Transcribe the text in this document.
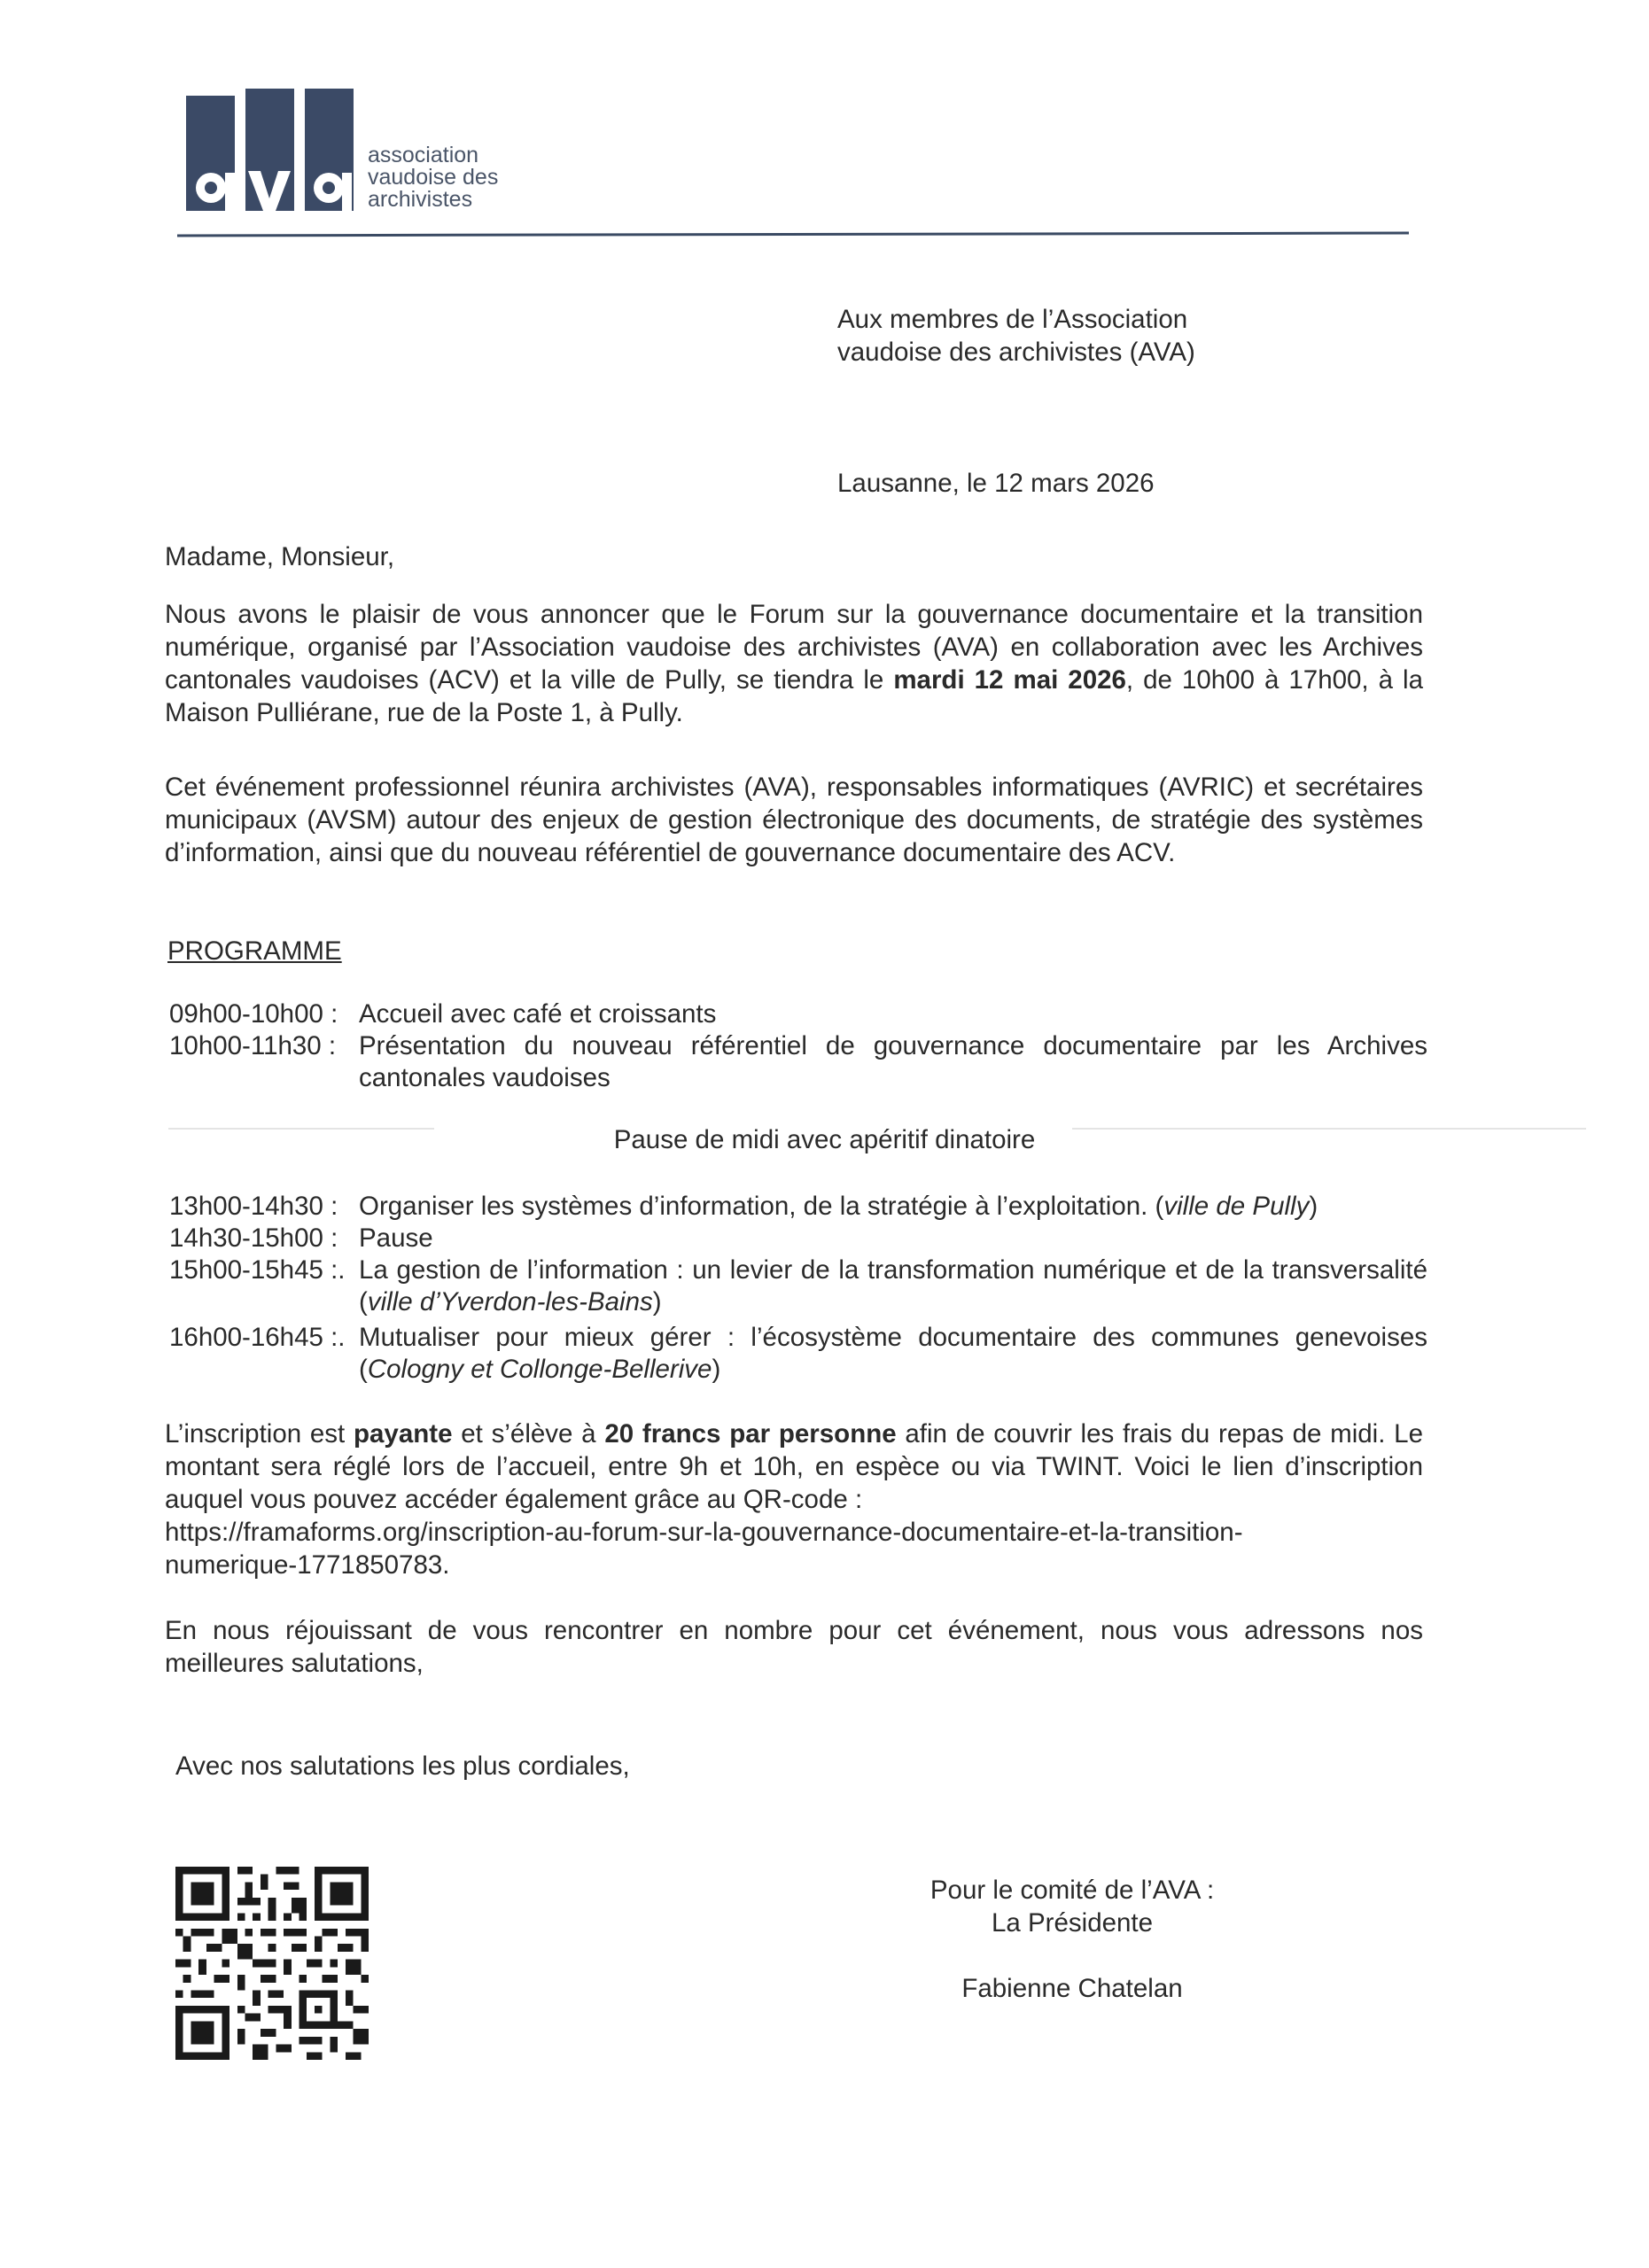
association
vaudoise des
archivistes
Aux membres de l’Association
vaudoise des archivistes (AVA)
Lausanne, le 12 mars 2026
Madame, Monsieur,
Nous avons le plaisir de vous annoncer que le Forum sur la gouvernance documentaire et la transition numérique, organisé par l’Association vaudoise des archivistes (AVA) en collaboration avec les Archives cantonales vaudoises (ACV) et la ville de Pully, se tiendra le mardi 12 mai 2026, de 10h00 à 17h00, à la Maison Pulliérane, rue de la Poste 1, à Pully.
Cet événement professionnel réunira archivistes (AVA), responsables informatiques (AVRIC) et secrétaires municipaux (AVSM) autour des enjeux de gestion électronique des documents, de stratégie des systèmes d’information, ainsi que du nouveau référentiel de gouvernance documentaire des ACV.
PROGRAMME
09h00-10h00 : Accueil avec café et croissants
10h00-11h30 : Présentation du nouveau référentiel de gouvernance documentaire par les Archives cantonales vaudoises
Pause de midi avec apéritif dinatoire
13h00-14h30 : Organiser les systèmes d’information, de la stratégie à l’exploitation. (ville de Pully)
14h30-15h00 : Pause
15h00-15h45 :. La gestion de l’information : un levier de la transformation numérique et de la transversalité (ville d’Yverdon-les-Bains)
16h00-16h45 :. Mutualiser pour mieux gérer : l’écosystème documentaire des communes genevoises (Cologny et Collonge-Bellerive)
L’inscription est payante et s’élève à 20 francs par personne afin de couvrir les frais du repas de midi. Le montant sera réglé lors de l’accueil, entre 9h et 10h, en espèce ou via TWINT. Voici le lien d’inscription auquel vous pouvez accéder également grâce au QR-code :
https://framaforms.org/inscription-au-forum-sur-la-gouvernance-documentaire-et-la-transition-
numerique-1771850783.
En nous réjouissant de vous rencontrer en nombre pour cet événement, nous vous adressons nos meilleures salutations,
Avec nos salutations les plus cordiales,
Pour le comité de l’AVA :
La Présidente
Fabienne Chatelan
